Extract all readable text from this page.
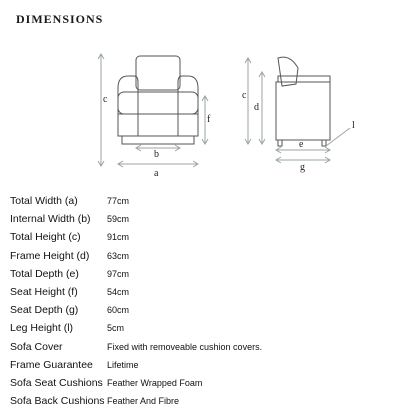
DIMENSIONS
c
f
b
a
c
d
l
e
g
Total Width (a)	77cm
Internal Width (b)	59cm
Total Height (c)	91cm
Frame Height (d)	63cm
Total Depth (e)	97cm
Seat Height (f)	54cm
Seat Depth (g)	60cm
Leg Height (l)	5cm
Sofa Cover	Fixed with removeable cushion covers.
Frame Guarantee	Lifetime
Sofa Seat Cushions	Feather Wrapped Foam
Sofa Back Cushions	Feather And Fibre
